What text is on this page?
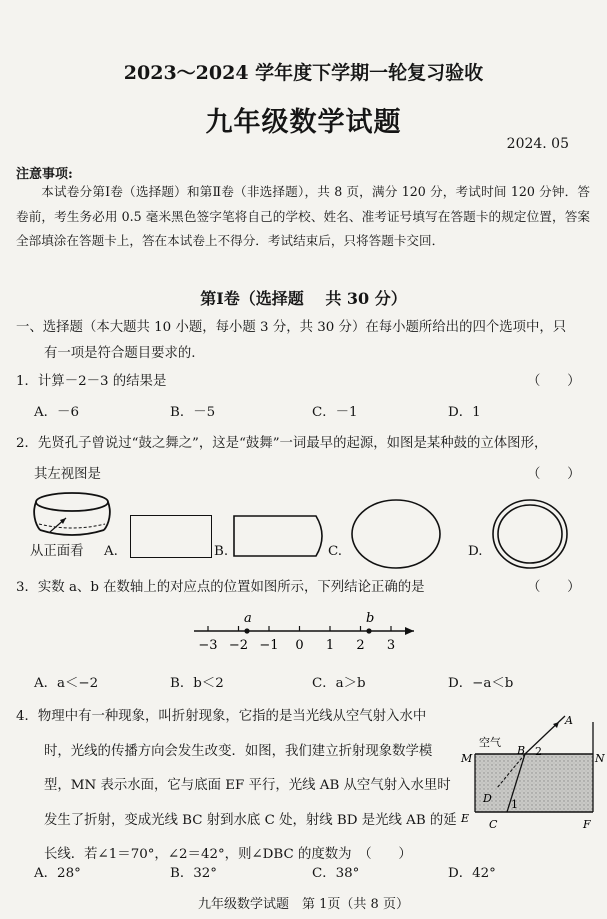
2023～2024 学年度下学期一轮复习验收
九年级数学试题
2024. 05
注意事项:
本试卷分第Ⅰ卷（选择题）和第Ⅱ卷（非选择题），共 8 页，满分 120 分，考试时间 120 分钟．答卷前，考生务必用 0.5 毫米黑色签字笔将自己的学校、姓名、准考证号填写在答题卡的规定位置，答案全部填涂在答题卡上，答在本试卷上不得分．考试结束后，只将答题卡交回．
第Ⅰ卷（选择题　 共 30 分）
一、选择题（本大题共 10 小题，每小题 3 分，共 30 分）在每小题所给出的四个选项中，只
有一项是符合题目要求的.
1．计算－2－3 的结果是	（　　）
A．－6	B．－5	C．－1	D．1
2．先贤孔子曾说过“鼓之舞之”，这是“鼓舞”一词最早的起源，如图是某种鼓的立体图形，
其左视图是	（　　）
从正面看 A.	B.	C.	D.
3．实数 a、b 在数轴上的对应点的位置如图所示，下列结论正确的是	（　　）
−3 −2 −1 0 1 2 3
a	b
A．a＜−2	B．b＜2	C．a＞b	D．−a＜b
4．物理中有一种现象，叫折射现象，它指的是当光线从空气射入水中
时，光线的传播方向会发生改变．如图，我们建立折射现象数学模
型，MN 表示水面，它与底面 EF 平行，光线 AB 从空气射入水里时
发生了折射，变成光线 BC 射到水底 C 处，射线 BD 是光线 AB 的延
长线．若∠1＝70°，∠2＝42°，则∠DBC 的度数为　（　　）
空气
A
B 2
D 1
M	N
E C	F
A．28°	B．32°	C．38°	D．42°
九年级数学试题　第 1页（共 8 页）
